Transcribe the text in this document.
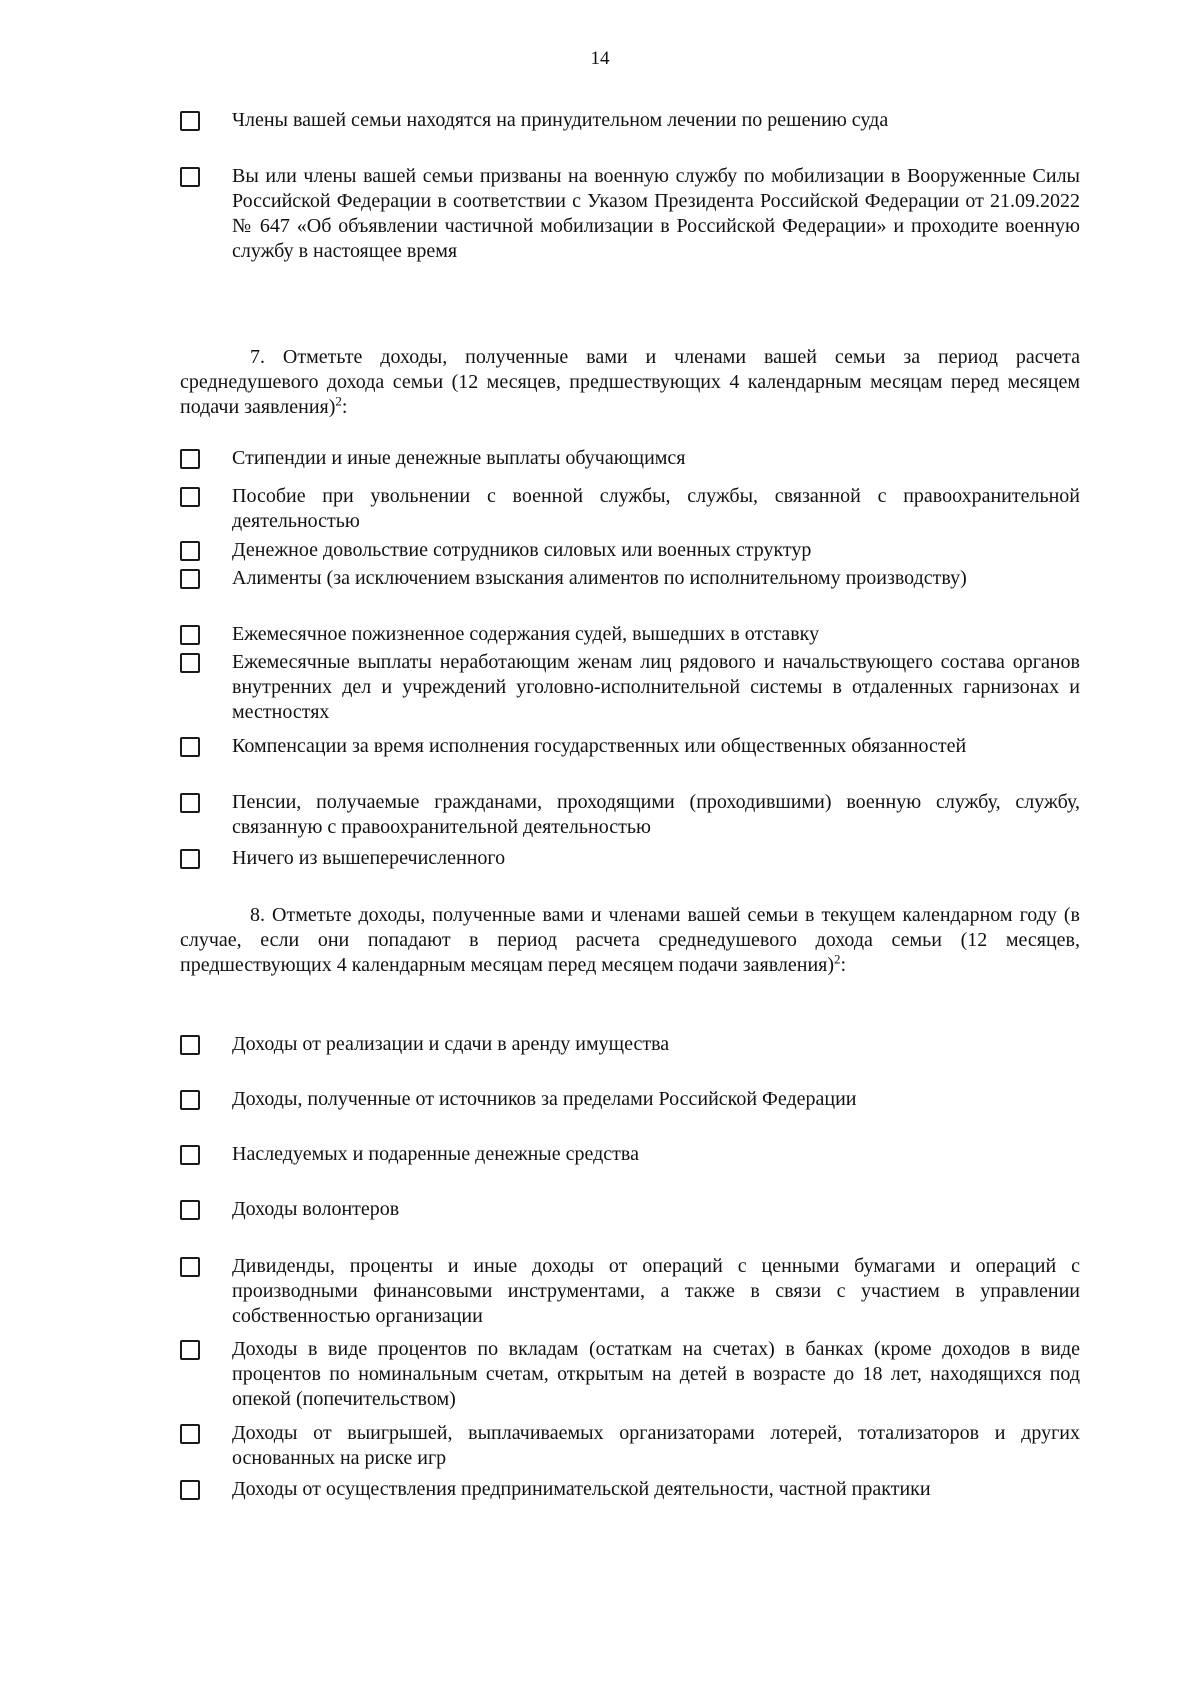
14
Члены вашей семьи находятся на принудительном лечении по решению суда
Вы или члены вашей семьи призваны на военную службу по мобилизации в Вооруженные Силы Российской Федерации в соответствии с Указом Президента Российской Федерации от 21.09.2022 № 647 «Об объявлении частичной мобилизации в Российской Федерации» и проходите военную службу в настоящее время
7. Отметьте доходы, полученные вами и членами вашей семьи за период расчета среднедушевого дохода семьи (12 месяцев, предшествующих 4 календарным месяцам перед месяцем подачи заявления)$^2$:
Стипендии и иные денежные выплаты обучающимся
Пособие при увольнении с военной службы, службы, связанной с правоохранительной деятельностью
Денежное довольствие сотрудников силовых или военных структур
Алименты (за исключением взыскания алиментов по исполнительному производству)
Ежемесячное пожизненное содержания судей, вышедших в отставку
Ежемесячные выплаты неработающим женам лиц рядового и начальствующего состава органов внутренних дел и учреждений уголовно-исполнительной системы в отдаленных гарнизонах и местностях
Компенсации за время исполнения государственных или общественных обязанностей
Пенсии, получаемые гражданами, проходящими (проходившими) военную службу, службу, связанную с правоохранительной деятельностью
Ничего из вышеперечисленного
8. Отметьте доходы, полученные вами и членами вашей семьи в текущем календарном году (в случае, если они попадают в период расчета среднедушевого дохода семьи (12 месяцев, предшествующих 4 календарным месяцам перед месяцем подачи заявления)$^2$:
Доходы от реализации и сдачи в аренду имущества
Доходы, полученные от источников за пределами Российской Федерации
Наследуемых и подаренные денежные средства
Доходы волонтеров
Дивиденды, проценты и иные доходы от операций с ценными бумагами и операций с производными финансовыми инструментами, а также в связи с участием в управлении собственностью организации
Доходы в виде процентов по вкладам (остаткам на счетах) в банках (кроме доходов в виде процентов по номинальным счетам, открытым на детей в возрасте до 18 лет, находящихся под опекой (попечительством)
Доходы от выигрышей, выплачиваемых организаторами лотерей, тотализаторов и других основанных на риске игр
Доходы от осуществления предпринимательской деятельности, частной практики
